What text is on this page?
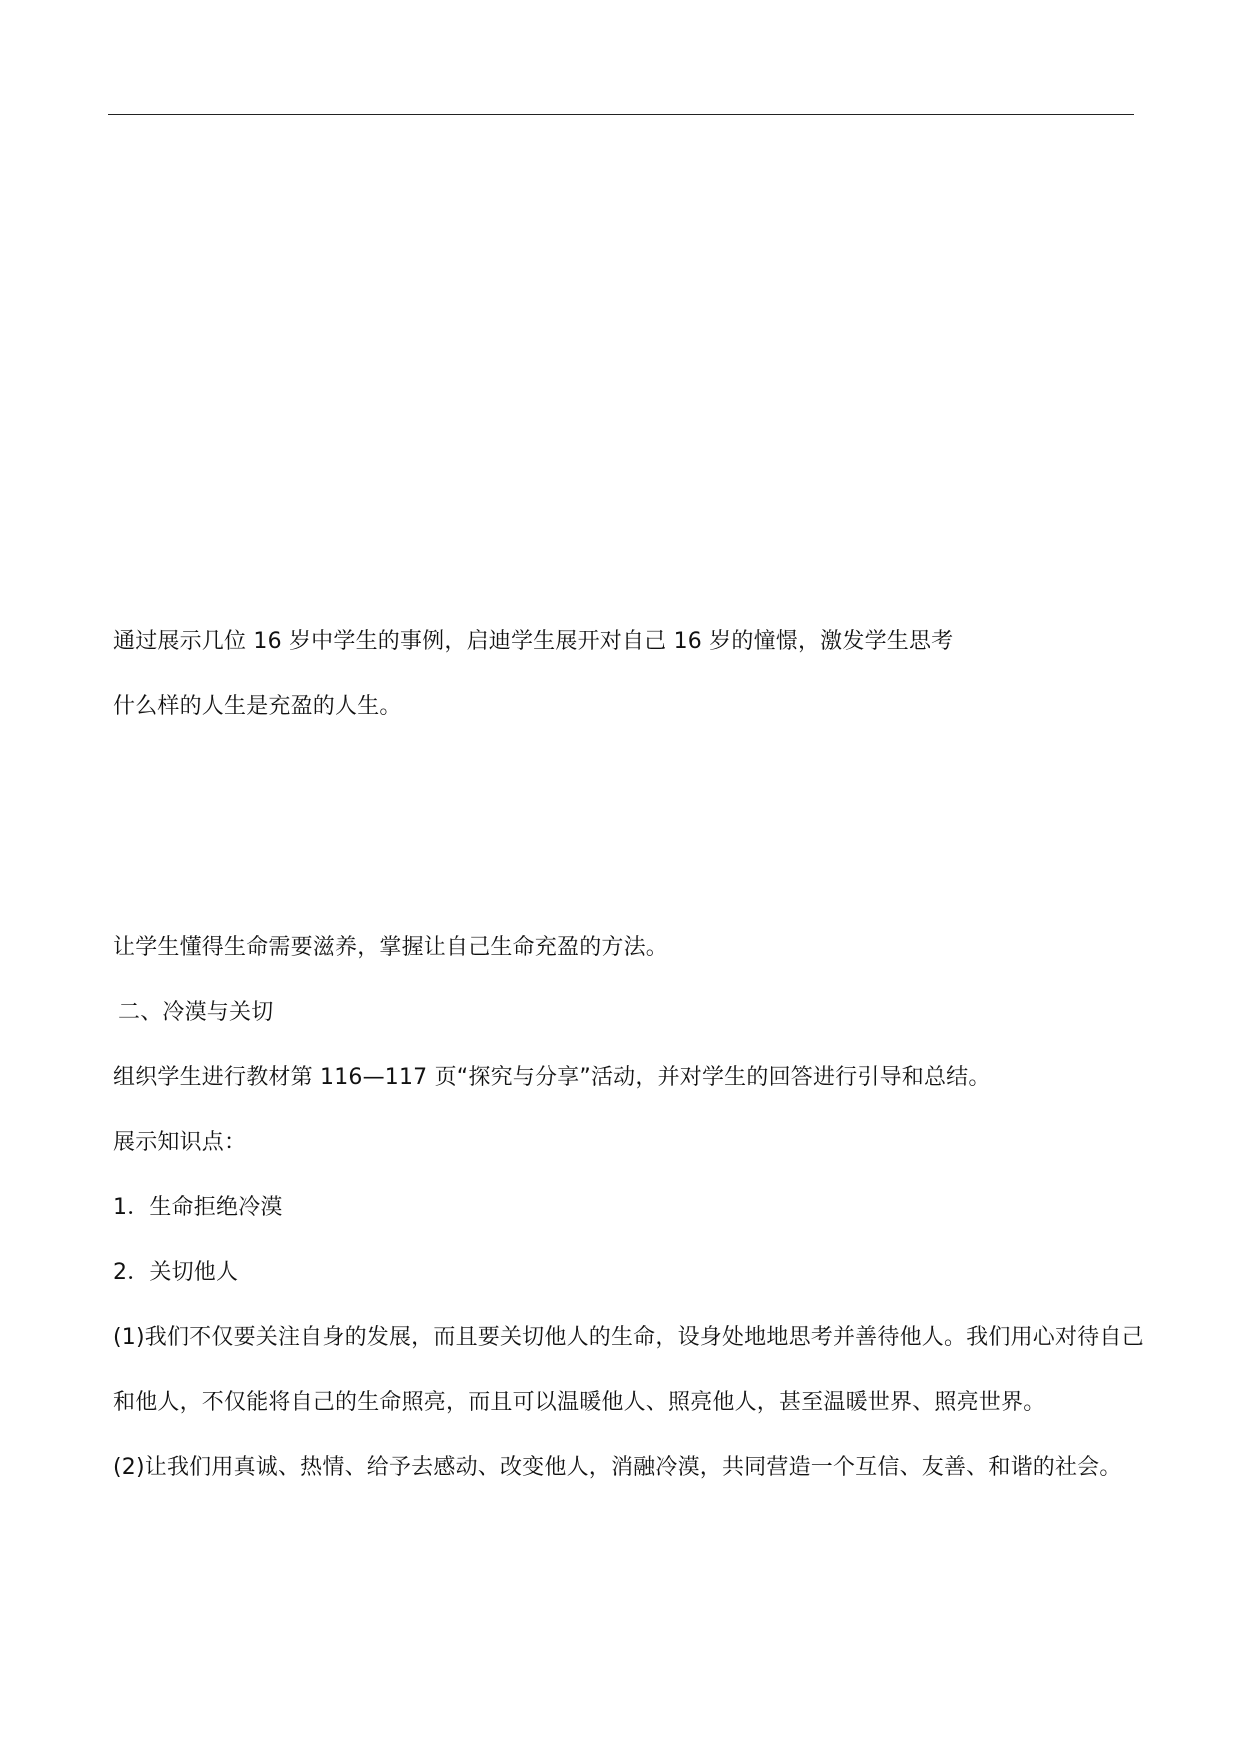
通过展示几位 16 岁中学生的事例，启迪学生展开对自己 16 岁的憧憬，激发学生思考
什么样的人生是充盈的人生。
让学生懂得生命需要滋养，掌握让自己生命充盈的方法。
二、冷漠与关切
组织学生进行教材第 116—117 页“探究与分享”活动，并对学生的回答进行引导和总结。
展示知识点：
1．生命拒绝冷漠
2．关切他人
(1)我们不仅要关注自身的发展，而且要关切他人的生命，设身处地地思考并善待他人。我们用心对待自己
和他人，不仅能将自己的生命照亮，而且可以温暖他人、照亮他人，甚至温暖世界、照亮世界。
(2)让我们用真诚、热情、给予去感动、改变他人，消融冷漠，共同营造一个互信、友善、和谐的社会。
